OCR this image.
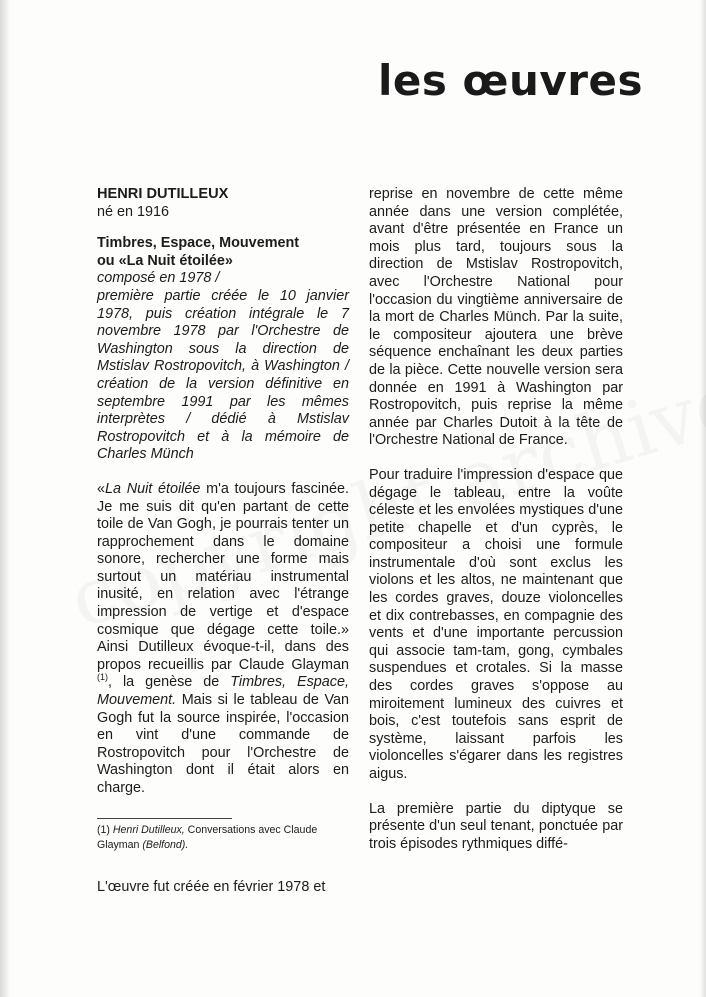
les œuvres
HENRI DUTILLEUX
né en 1916
Timbres, Espace, Mouvement
ou «La Nuit étoilée»
composé en 1978 /

première partie créée le 10 janvier 1978, puis création intégrale le 7 novembre 1978 par l'Orchestre de Washington sous la direction de Mstislav Rostropovitch, à Washington / création de la version définitive en septembre 1991 par les mêmes interprètes / dédié à Mstislav Rostropovitch et à la mémoire de Charles Münch

«La Nuit étoilée m'a toujours fascinée. Je me suis dit qu'en partant de cette toile de Van Gogh, je pourrais tenter un rapprochement dans le domaine sonore, rechercher une forme mais surtout un matériau instrumental inusité, en relation avec l'étrange impression de vertige et d'espace cosmique que dégage cette toile.» Ainsi Dutilleux évoque-t-il, dans des propos recueillis par Claude Glayman $^{(1)}$, la genèse de Timbres, Espace, Mouvement. Mais si le tableau de Van Gogh fut la source inspirée, l'occasion en vint d'une commande de Rostropovitch pour l'Orchestre de Washington dont il était alors en charge.

(1) Henri Dutilleux, Conversations avec Claude Glayman (Belfond).

L'œuvre fut créée en février 1978 et

reprise en novembre de cette même année dans une version complétée, avant d'être présentée en France un mois plus tard, toujours sous la direction de Mstislav Rostropovitch, avec l'Orchestre National pour l'occasion du vingtième anniversaire de la mort de Charles Münch. Par la suite, le compositeur ajoutera une brève séquence enchaînant les deux parties de la pièce. Cette nouvelle version sera donnée en 1991 à Washington par Rostropovitch, puis reprise la même année par Charles Dutoit à la tête de l'Orchestre National de France.

Pour traduire l'impression d'espace que dégage le tableau, entre la voûte céleste et les envolées mystiques d'une petite chapelle et d'un cyprès, le compositeur a choisi une formule instrumentale d'où sont exclus les violons et les altos, ne maintenant que les cordes graves, douze violoncelles et dix contrebasses, en compagnie des vents et d'une importante percussion qui associe tam-tam, gong, cymbales suspendues et crotales. Si la masse des cordes graves s'oppose au miroitement lumineux des cuivres et bois, c'est toutefois sans esprit de système, laissant parfois les violoncelles s'égarer dans les registres aigus.

La première partie du diptyque se présente d'un seul tenant, ponctuée par trois épisodes rythmiques diffé-
